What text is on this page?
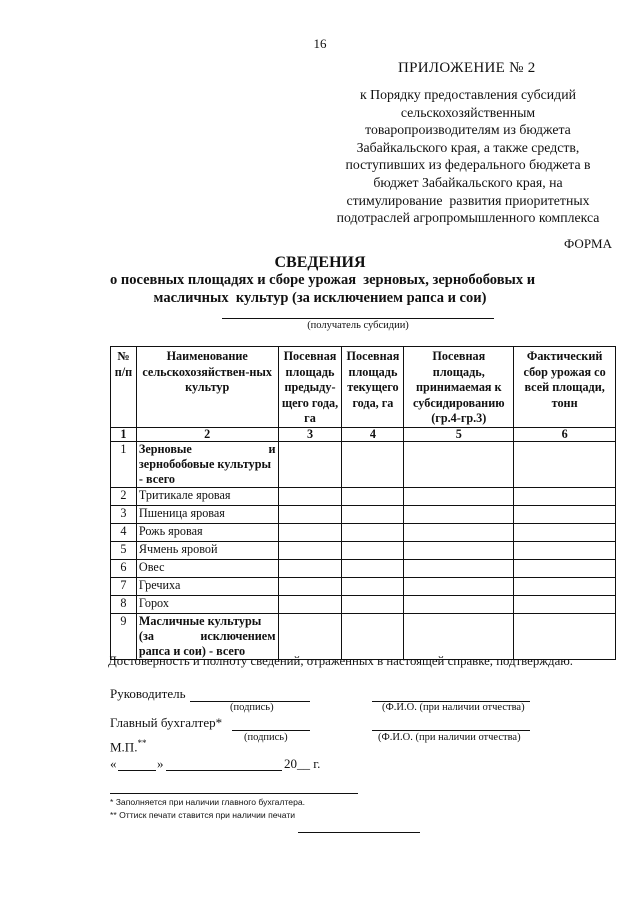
16
ПРИЛОЖЕНИЕ № 2
к Порядку предоставления субсидий
сельскохозяйственным
товаропроизводителям из бюджета
Забайкальского края, а также средств,
поступивших из федерального бюджета в
бюджет Забайкальского края, на
стимулирование  развития приоритетных
подотраслей агропромышленного комплекса
ФОРМА
СВЕДЕНИЯ
о посевных площадях и сборе урожая  зерновых, зернобобовых и
масличных  культур (за исключением рапса и сои)
(получатель субсидии)
№ п/п	Наименование сельскохозяйствен-ных культур	Посевная площадь предыду-щего года, га	Посевная площадь текущего года, га	Посевная площадь, принимаемая к субсидированию (гр.4-гр.3)	Фактический сбор урожая со всей площади, тонн
1	2	3	4	5	6
1	Зерновые и
зернобобовые культуры - всего				

2	Тритикале яровая				
3	Пшеница яровая				
4	Рожь яровая				
5	Ячмень яровой				
6	Овес				
7	Гречиха				
8	Горох				
9	Масличные культуры
(за исключением
рапса и сои) - всего				

Достоверность и полноту сведений, отраженных в настоящей справке, подтверждаю.
Руководитель
(подпись)	(Ф.И.О. (при наличии отчества)
Главный бухгалтер*
(подпись)	(Ф.И.О. (при наличии отчества)
М.П.**
«	»	20__ г.
* Заполняется при наличии главного бухгалтера.
** Оттиск печати ставится при наличии печати
